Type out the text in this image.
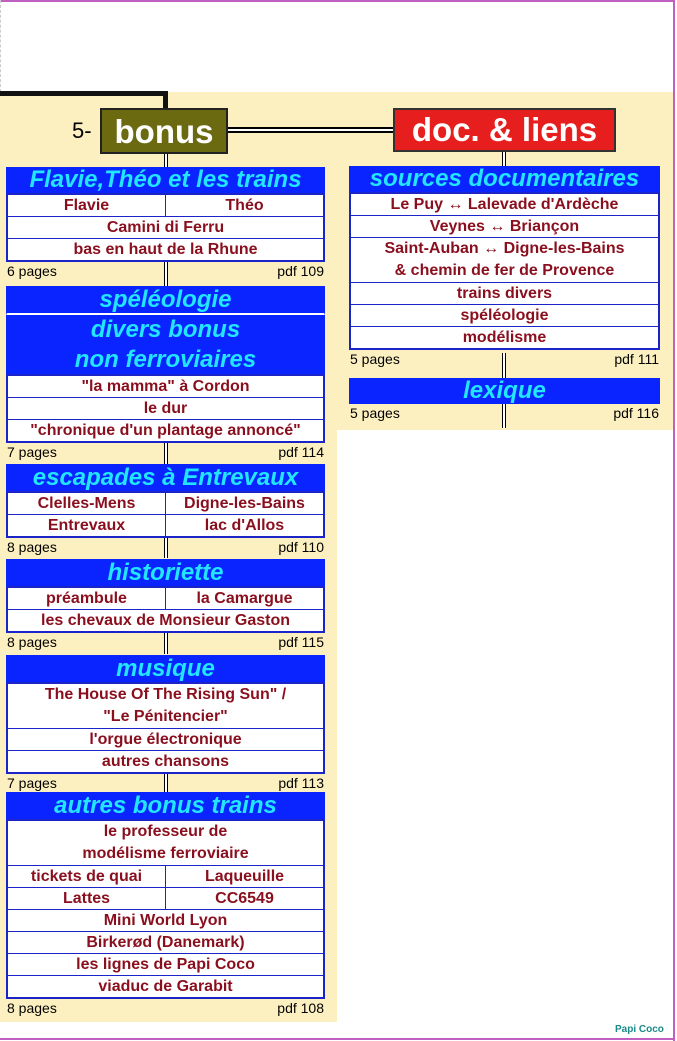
5- bonus	doc. & liens
Flavie,Théo et les trains
Flavie	Théo
Camini di Ferru
bas en haut de la Rhune
6 pages	pdf 109
spéléologie
divers bonus
non ferroviaires
"la mamma" à Cordon
le dur
"chronique d'un plantage annoncé"
7 pages	pdf 114
escapades à Entrevaux
Clelles-Mens	Digne-les-Bains
Entrevaux	lac d'Allos
8 pages	pdf 110
historiette
préambule	la Camargue
les chevaux de Monsieur Gaston
8 pages	pdf 115
musique
The House Of The Rising Sun" /
"Le Pénitencier"
l'orgue électronique
autres chansons
7 pages	pdf 113
autres bonus trains
le professeur de
modélisme ferroviaire
tickets de quai	Laqueuille
Lattes	CC6549
Mini World Lyon
Birkerød (Danemark)
les lignes de Papi Coco
viaduc de Garabit
8 pages	pdf 108
sources documentaires
Le Puy ↔ Lalevade d'Ardèche
Veynes ↔ Briançon
Saint-Auban ↔ Digne-les-Bains
& chemin de fer de Provence
trains divers
spéléologie
modélisme
5 pages	pdf 111
lexique
5 pages	pdf 116
Papi Coco
